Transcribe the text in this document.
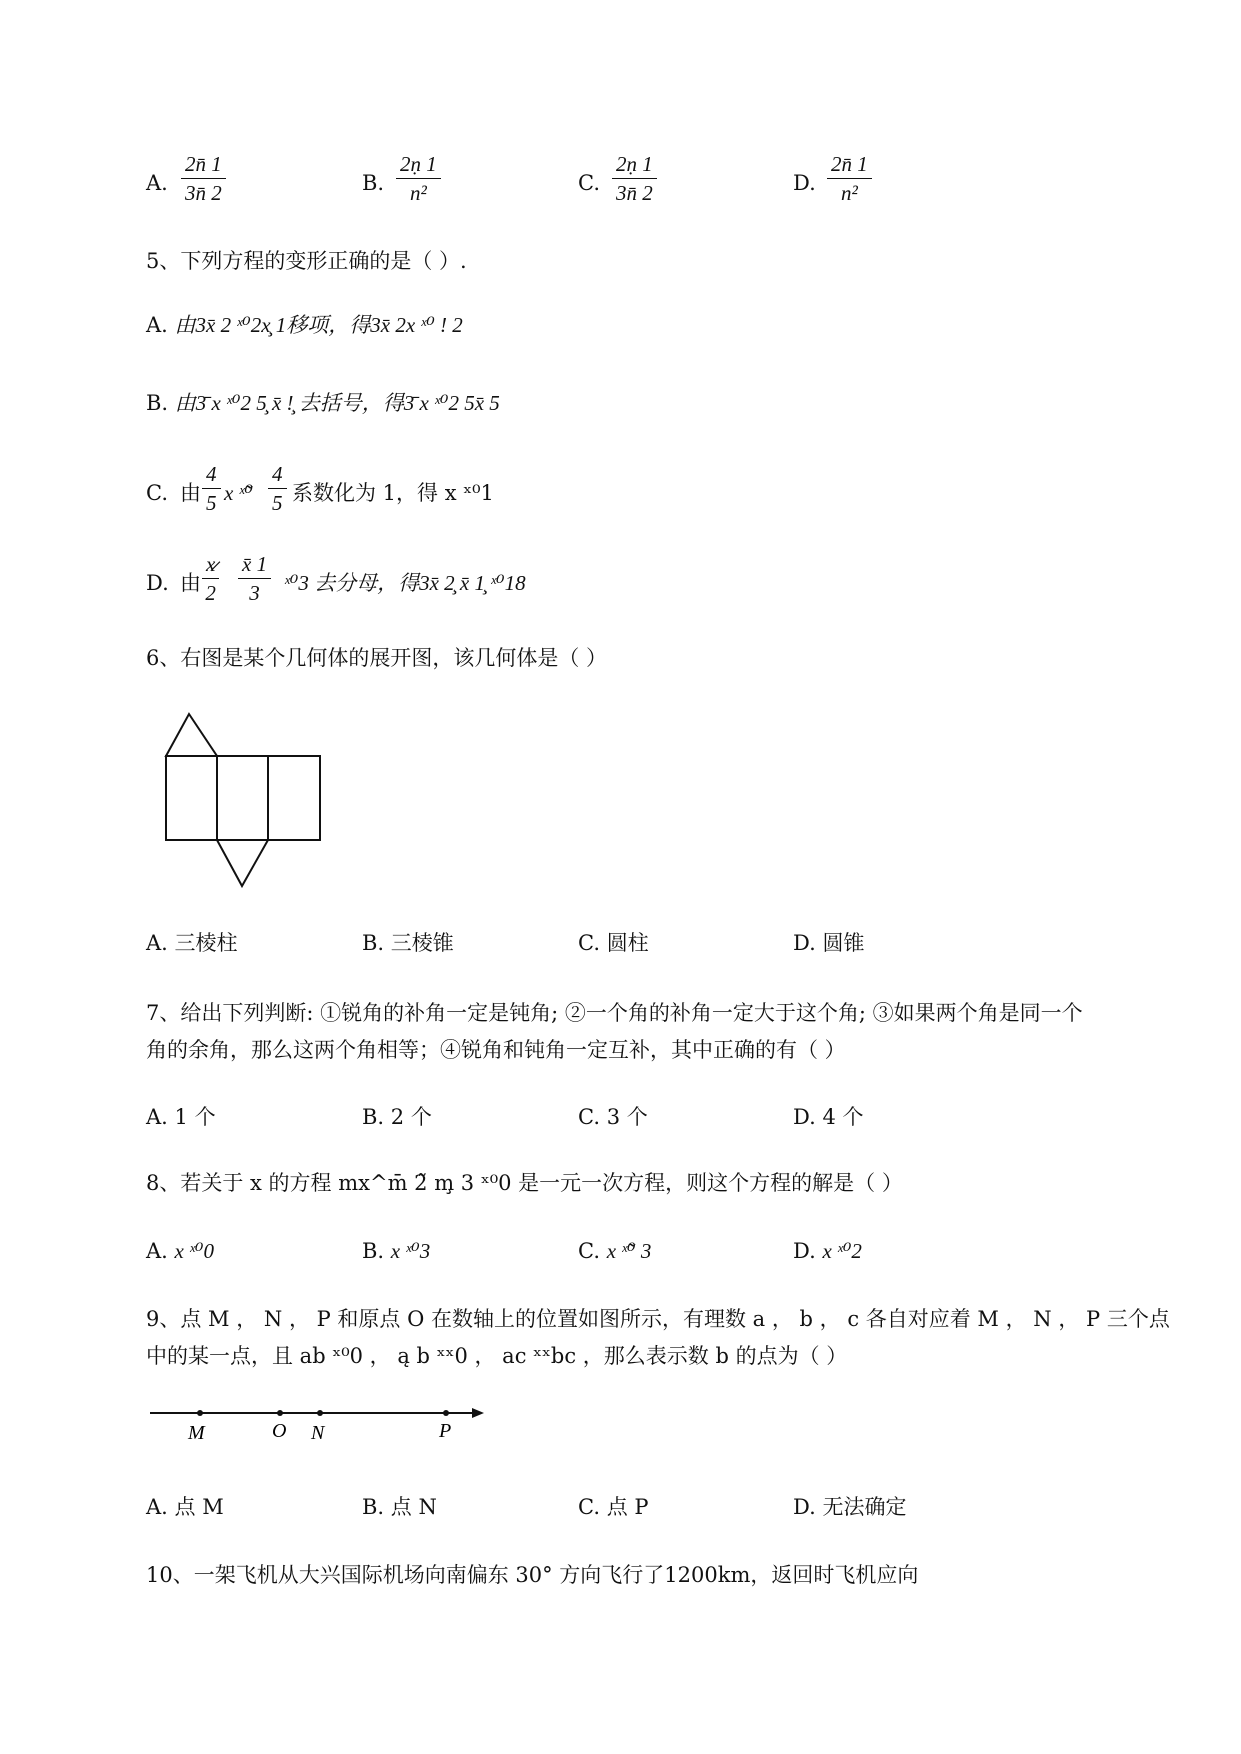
A. $\frac{2n̄ 1}{3n̄ 2}$	B. $\frac{\text{2ṇ 1}}{\text{n²}}$	C. $\frac{\text{2ṇ 1}}{3n̄ 2}$	D. $\frac{2n̄ 1}{\text{n²}}$
5、下列方程的变形正确的是（ ）.
A. 由3x̄ 2 ˣ⁰2x̧ 1移项，得3x̄ 2x ˣ⁰ ! 2
B. 由3̄ x ˣ⁰2 5̧ x̄ !̧ 去括号，得3̄ x ˣ⁰2 5x̄ 5
C. 由 $\frac{4}{5}$ x ˣ̃⁰ $\frac{4}{5}$ 系数化为 1，得 x ˣ⁰1
D. 由 $\frac{x̷}{2} \frac{x̄ 1}{3}$ ˣ⁰3 去分母，得3x̄ 2̧ x̄ 1̧ ˣ⁰18
6、右图是某个几何体的展开图，该几何体是（ ）
A. 三棱柱	B. 三棱锥	C. 圆柱	D. 圆锥
7、给出下列判断: ①锐角的补角一定是钝角; ②一个角的补角一定大于这个角; ③如果两个角是同一个
角的余角，那么这两个角相等；④锐角和钝角一定互补，其中正确的有（ ）
A. 1 个	B. 2 个	C. 3 个	D. 4 个
8、若关于 x 的方程 mx^m̄ 2̃ m̧ 3 ˣ⁰0 是一元一次方程，则这个方程的解是（ ）
A. x ˣ⁰0	B. x ˣ⁰3	C. x ˣ̃⁰ 3	D. x ˣ⁰2
9、点 M ， N ， P 和原点 O 在数轴上的位置如图所示，有理数 a ， b ， c 各自对应着 M ， N ， P 三个点
中的某一点，且 ab ˣ⁰0 ， ą b ˣˣ0 ， ac ˣˣbc ，那么表示数 b 的点为（ ）
M	O N	P
A. 点 M	B. 点 N	C. 点 P	D. 无法确定
10、一架飞机从大兴国际机场向南偏东 30° 方向飞行了1200km，返回时飞机应向
